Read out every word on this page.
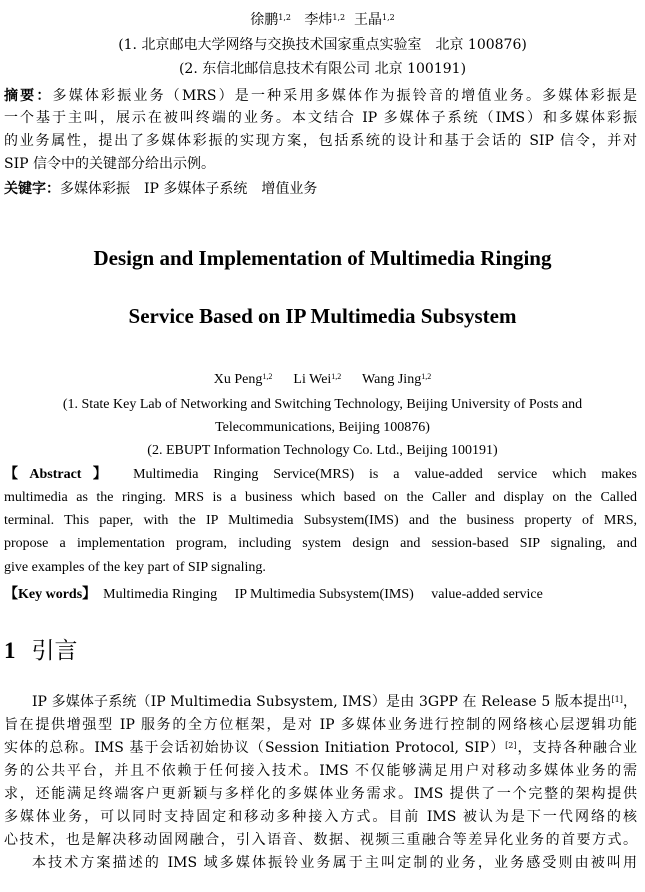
徐鹏$^{1,2}$ 李炜$^{1,2}$ 王晶$^{1,2}$
(1. 北京邮电大学网络与交换技术国家重点实验室　北京 100876)
(2. 东信北邮信息技术有限公司 北京 100191)
摘要：多媒体彩振业务（MRS）是一种采用多媒体作为振铃音的增值业务。多媒体彩振是
一个基于主叫，展示在被叫终端的业务。本文结合 IP 多媒体子系统（IMS）和多媒体彩振
的业务属性，提出了多媒体彩振的实现方案，包括系统的设计和基于会话的 SIP 信令，并对
SIP 信令中的关键部分给出示例。
关键字：多媒体彩振　IP 多媒体子系统　增值业务
Design and Implementation of Multimedia Ringing
Service Based on IP Multimedia Subsystem
Xu Peng$^{1,2}$ Li Wei$^{1,2}$ Wang Jing$^{1,2}$
(1. State Key Lab of Networking and Switching Technology, Beijing University of Posts and
Telecommunications, Beijing 100876)
(2. EBUPT Information Technology Co. Ltd., Beijing 100191)
【Abstract】 Multimedia Ringing Service(MRS) is a value-added service which makes
multimedia as the ringing. MRS is a business which based on the Caller and display on the Called
terminal. This paper, with the IP Multimedia Subsystem(IMS) and the business property of MRS,
propose a implementation program, including system design and session-based SIP signaling, and
give examples of the key part of SIP signaling.
【Key words】 Multimedia Ringing　 IP Multimedia Subsystem(IMS)　 value-added service
1 引言
IP 多媒体子系统（IP Multimedia Subsystem, IMS）是由 3GPP 在 Release 5 版本提出[1]，
旨在提供增强型 IP 服务的全方位框架，是对 IP 多媒体业务进行控制的网络核心层逻辑功能
实体的总称。IMS 基于会话初始协议（Session Initiation Protocol, SIP）[2]，支持各种融合业
务的公共平台，并且不依赖于任何接入技术。IMS 不仅能够满足用户对移动多媒体业务的需
求，还能满足终端客户更新颖与多样化的多媒体业务需求。IMS 提供了一个完整的架构提供
多媒体业务，可以同时支持固定和移动多种接入方式。目前 IMS 被认为是下一代网络的核
心技术，也是解决移动固网融合，引入语音、数据、视频三重融合等差异化业务的首要方式。
本技术方案描述的 IMS 域多媒体振铃业务属于主叫定制的业务，业务感受则由被叫用
